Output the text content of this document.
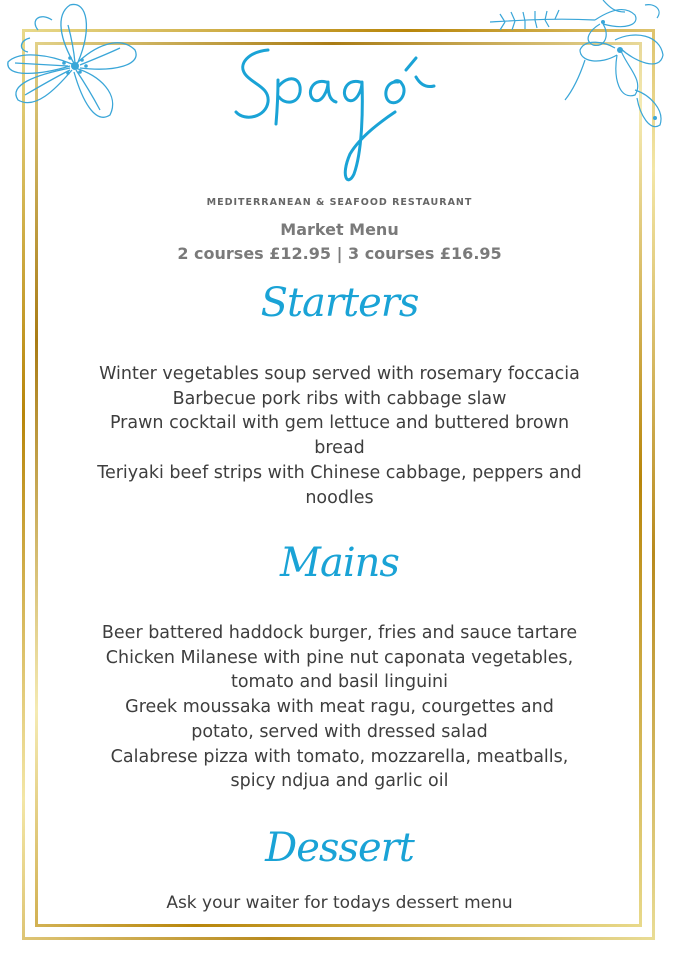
MEDITERRANEAN & SEAFOOD RESTAURANT
Market Menu
2 courses £12.95 | 3 courses £16.95
Starters

Winter vegetables soup served with rosemary foccacia

Barbecue pork ribs with cabbage slaw

Prawn cocktail with gem lettuce and buttered brown bread

Teriyaki beef strips with Chinese cabbage, peppers and noodles

Mains

Beer battered haddock burger, fries and sauce tartare

Chicken Milanese with pine nut caponata vegetables, tomato and basil linguini

Greek moussaka with meat ragu, courgettes and potato, served with dressed salad

Calabrese pizza with tomato, mozzarella, meatballs, spicy ndjua and garlic oil

Dessert
Ask your waiter for todays dessert menu
